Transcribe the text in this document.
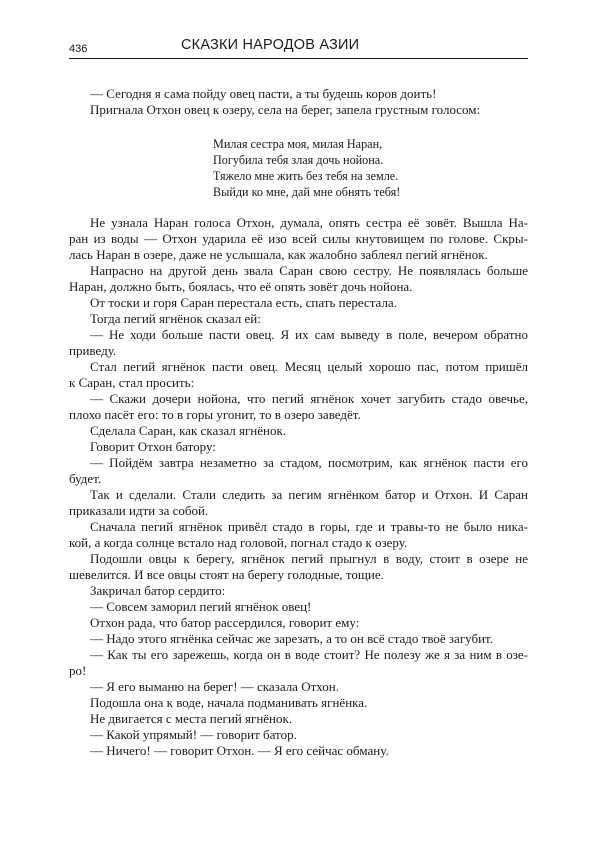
436	СКАЗКИ НАРОДОВ АЗИИ
— Сегодня я сама пойду овец пасти, а ты будешь коров доить!
Пригнала Отхон овец к озеру, села на берег, запела грустным голосом:
Милая сестра моя, милая Наран,
Погубила тебя злая дочь нойона.
Тяжело мне жить без тебя на земле.
Выйди ко мне, дай мне обнять тебя!
Не узнала Наран голоса Отхон, думала, опять сестра её зовёт. Вышла На-
ран из воды — Отхон ударила её изо всей силы кнутовищем по голове. Скры-
лась Наран в озере, даже не услышала, как жалобно заблеял пегий ягнёнок.
Напрасно на другой день звала Саран свою сестру. Не появлялась больше
Наран, должно быть, боялась, что её опять зовёт дочь нойона.
От тоски и горя Саран перестала есть, спать перестала.
Тогда пегий ягнёнок сказал ей:
— Не ходи больше пасти овец. Я их сам выведу в поле, вечером обратно
приведу.
Стал пегий ягнёнок пасти овец. Месяц целый хорошо пас, потом пришёл
к Саран, стал просить:
— Скажи дочери нойона, что пегий ягнёнок хочет загубить стадо овечье,
плохо пасёт его: то в горы угонит, то в озеро заведёт.
Сделала Саран, как сказал ягнёнок.
Говорит Отхон батору:
— Пойдём завтра незаметно за стадом, посмотрим, как ягнёнок пасти его
будет.
Так и сделали. Стали следить за пегим ягнёнком батор и Отхон. И Саран
приказали идти за собой.
Сначала пегий ягнёнок привёл стадо в горы, где и травы-то не было никa-
кой, а когда солнце встало над головой, погнал стадо к озеру.
Подошли овцы к берегу, ягнёнок пегий прыгнул в воду, стоит в озере не
шевелится. И все овцы стоят на берегу голодные, тощие.
Закричал батор сердито:
— Совсем заморил пегий ягнёнок овец!
Отхон рада, что батор рассердился, говорит ему:
— Надо этого ягнёнка сейчас же зарезать, а то он всё стадо твоё загубит.
— Как ты его зарежешь, когда он в воде стоит? Не полезу же я за ним в озе-
ро!
— Я его выманю на берег! — сказала Отхон.
Подошла она к воде, начала подманивать ягнёнка.
Не двигается с места пегий ягнёнок.
— Какой упрямый! — говорит батор.
— Ничего! — говорит Отхон. — Я его сейчас обману.
